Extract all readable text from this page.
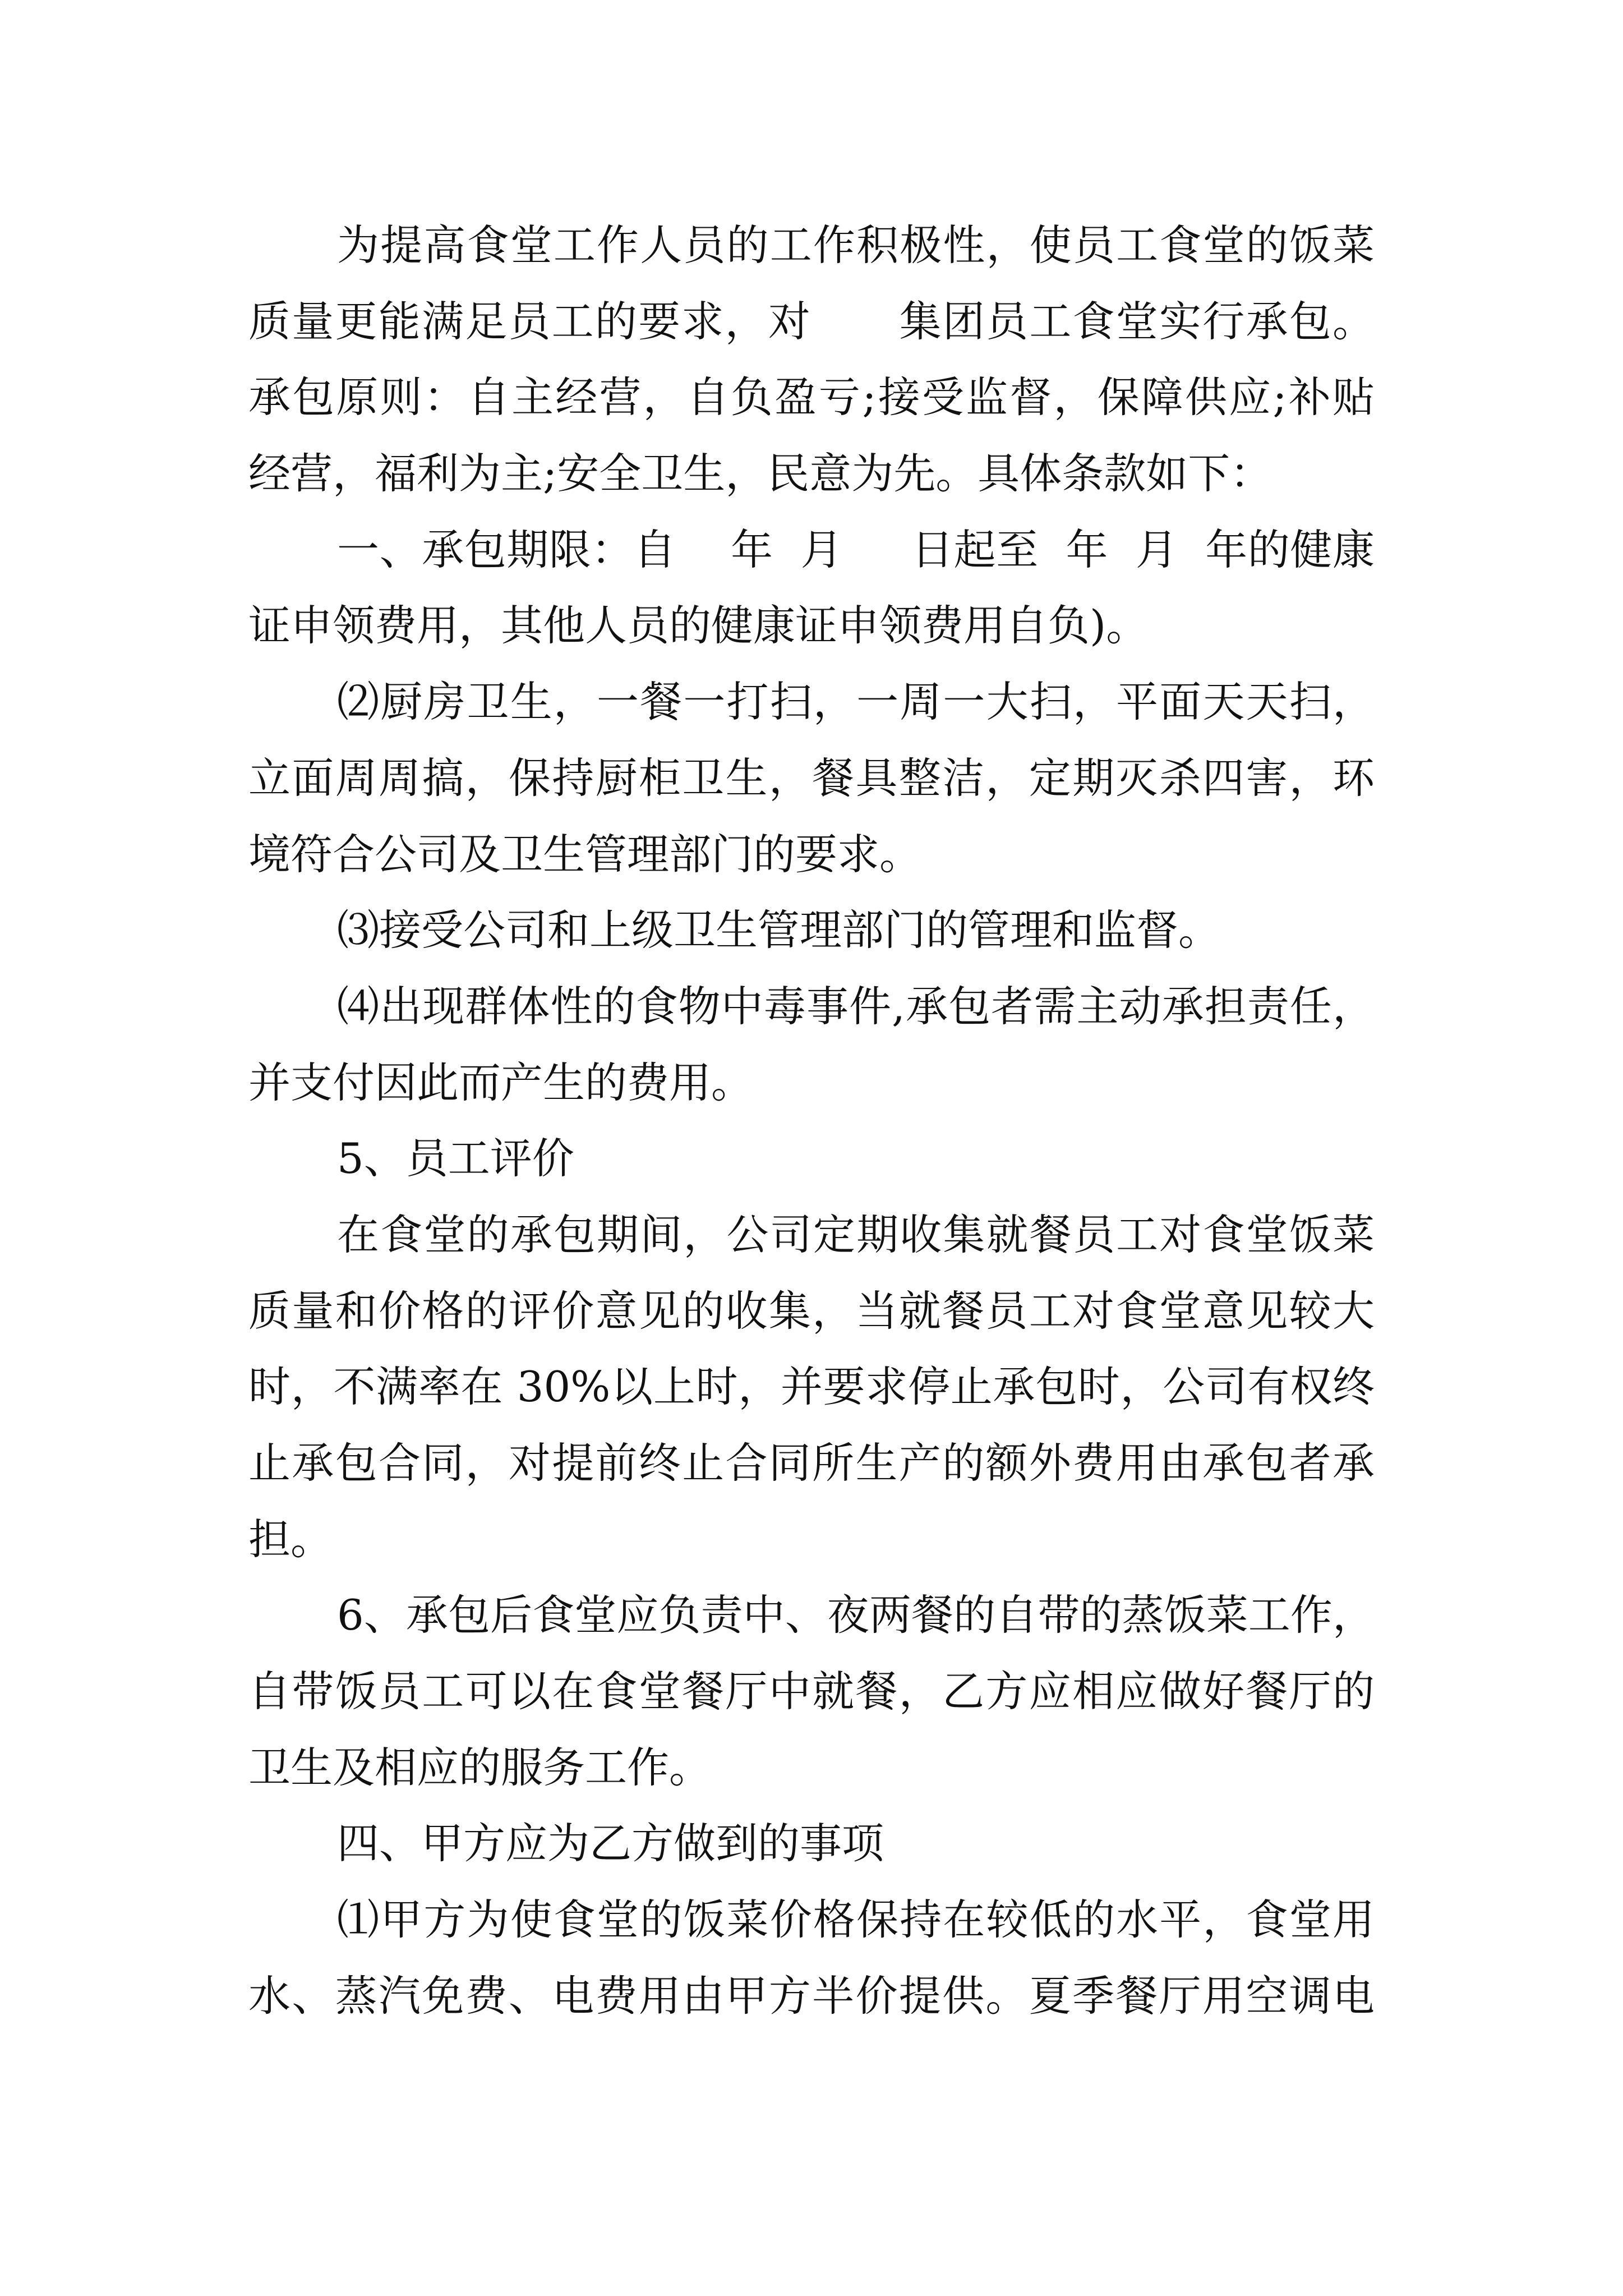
为提高食堂工作人员的工作积极性，使员工食堂的饭菜
质量更能满足员工的要求，对      集团员工食堂实行承包。
承包原则：自主经营，自负盈亏;接受监督，保障供应;补贴
经营，福利为主;安全卫生，民意为先。具体条款如下：
一、承包期限：自    年  月     日起至  年  月  年的健康
证申领费用，其他人员的健康证申领费用自负)。
⑵厨房卫生，一餐一打扫，一周一大扫，平面天天扫，
立面周周搞，保持厨柜卫生，餐具整洁，定期灭杀四害，环
境符合公司及卫生管理部门的要求。
⑶接受公司和上级卫生管理部门的管理和监督。
⑷出现群体性的食物中毒事件,承包者需主动承担责任，
并支付因此而产生的费用。
5、员工评价
在食堂的承包期间，公司定期收集就餐员工对食堂饭菜
质量和价格的评价意见的收集，当就餐员工对食堂意见较大
时，不满率在 30%以上时，并要求停止承包时，公司有权终
止承包合同，对提前终止合同所生产的额外费用由承包者承
担。
6、承包后食堂应负责中、夜两餐的自带的蒸饭菜工作，
自带饭员工可以在食堂餐厅中就餐，乙方应相应做好餐厅的
卫生及相应的服务工作。
四、甲方应为乙方做到的事项
⑴甲方为使食堂的饭菜价格保持在较低的水平，食堂用
水、蒸汽免费、电费用由甲方半价提供。夏季餐厅用空调电
